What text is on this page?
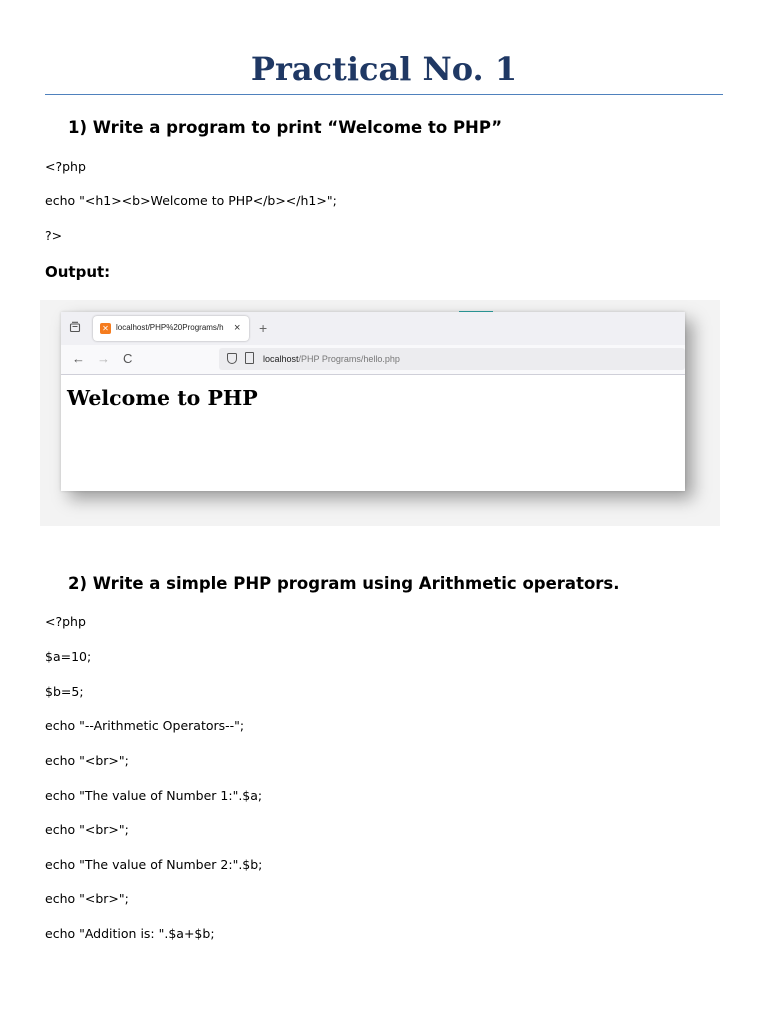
Practical No. 1
1) Write a program to print “Welcome to PHP”

<?php

echo "<h1><b>Welcome to PHP</b></h1>";

?>

Output:

✕ localhost/PHP%20Programs/h × +
← → C	localhost/PHP Programs/hello.php
Welcome to PHP
2) Write a simple PHP program using Arithmetic operators.

<?php

$a=10;

$b=5;

echo "--Arithmetic Operators--";

echo "<br>";

echo "The value of Number 1:".$a;

echo "<br>";

echo "The value of Number 2:".$b;

echo "<br>";

echo "Addition is: ".$a+$b;
